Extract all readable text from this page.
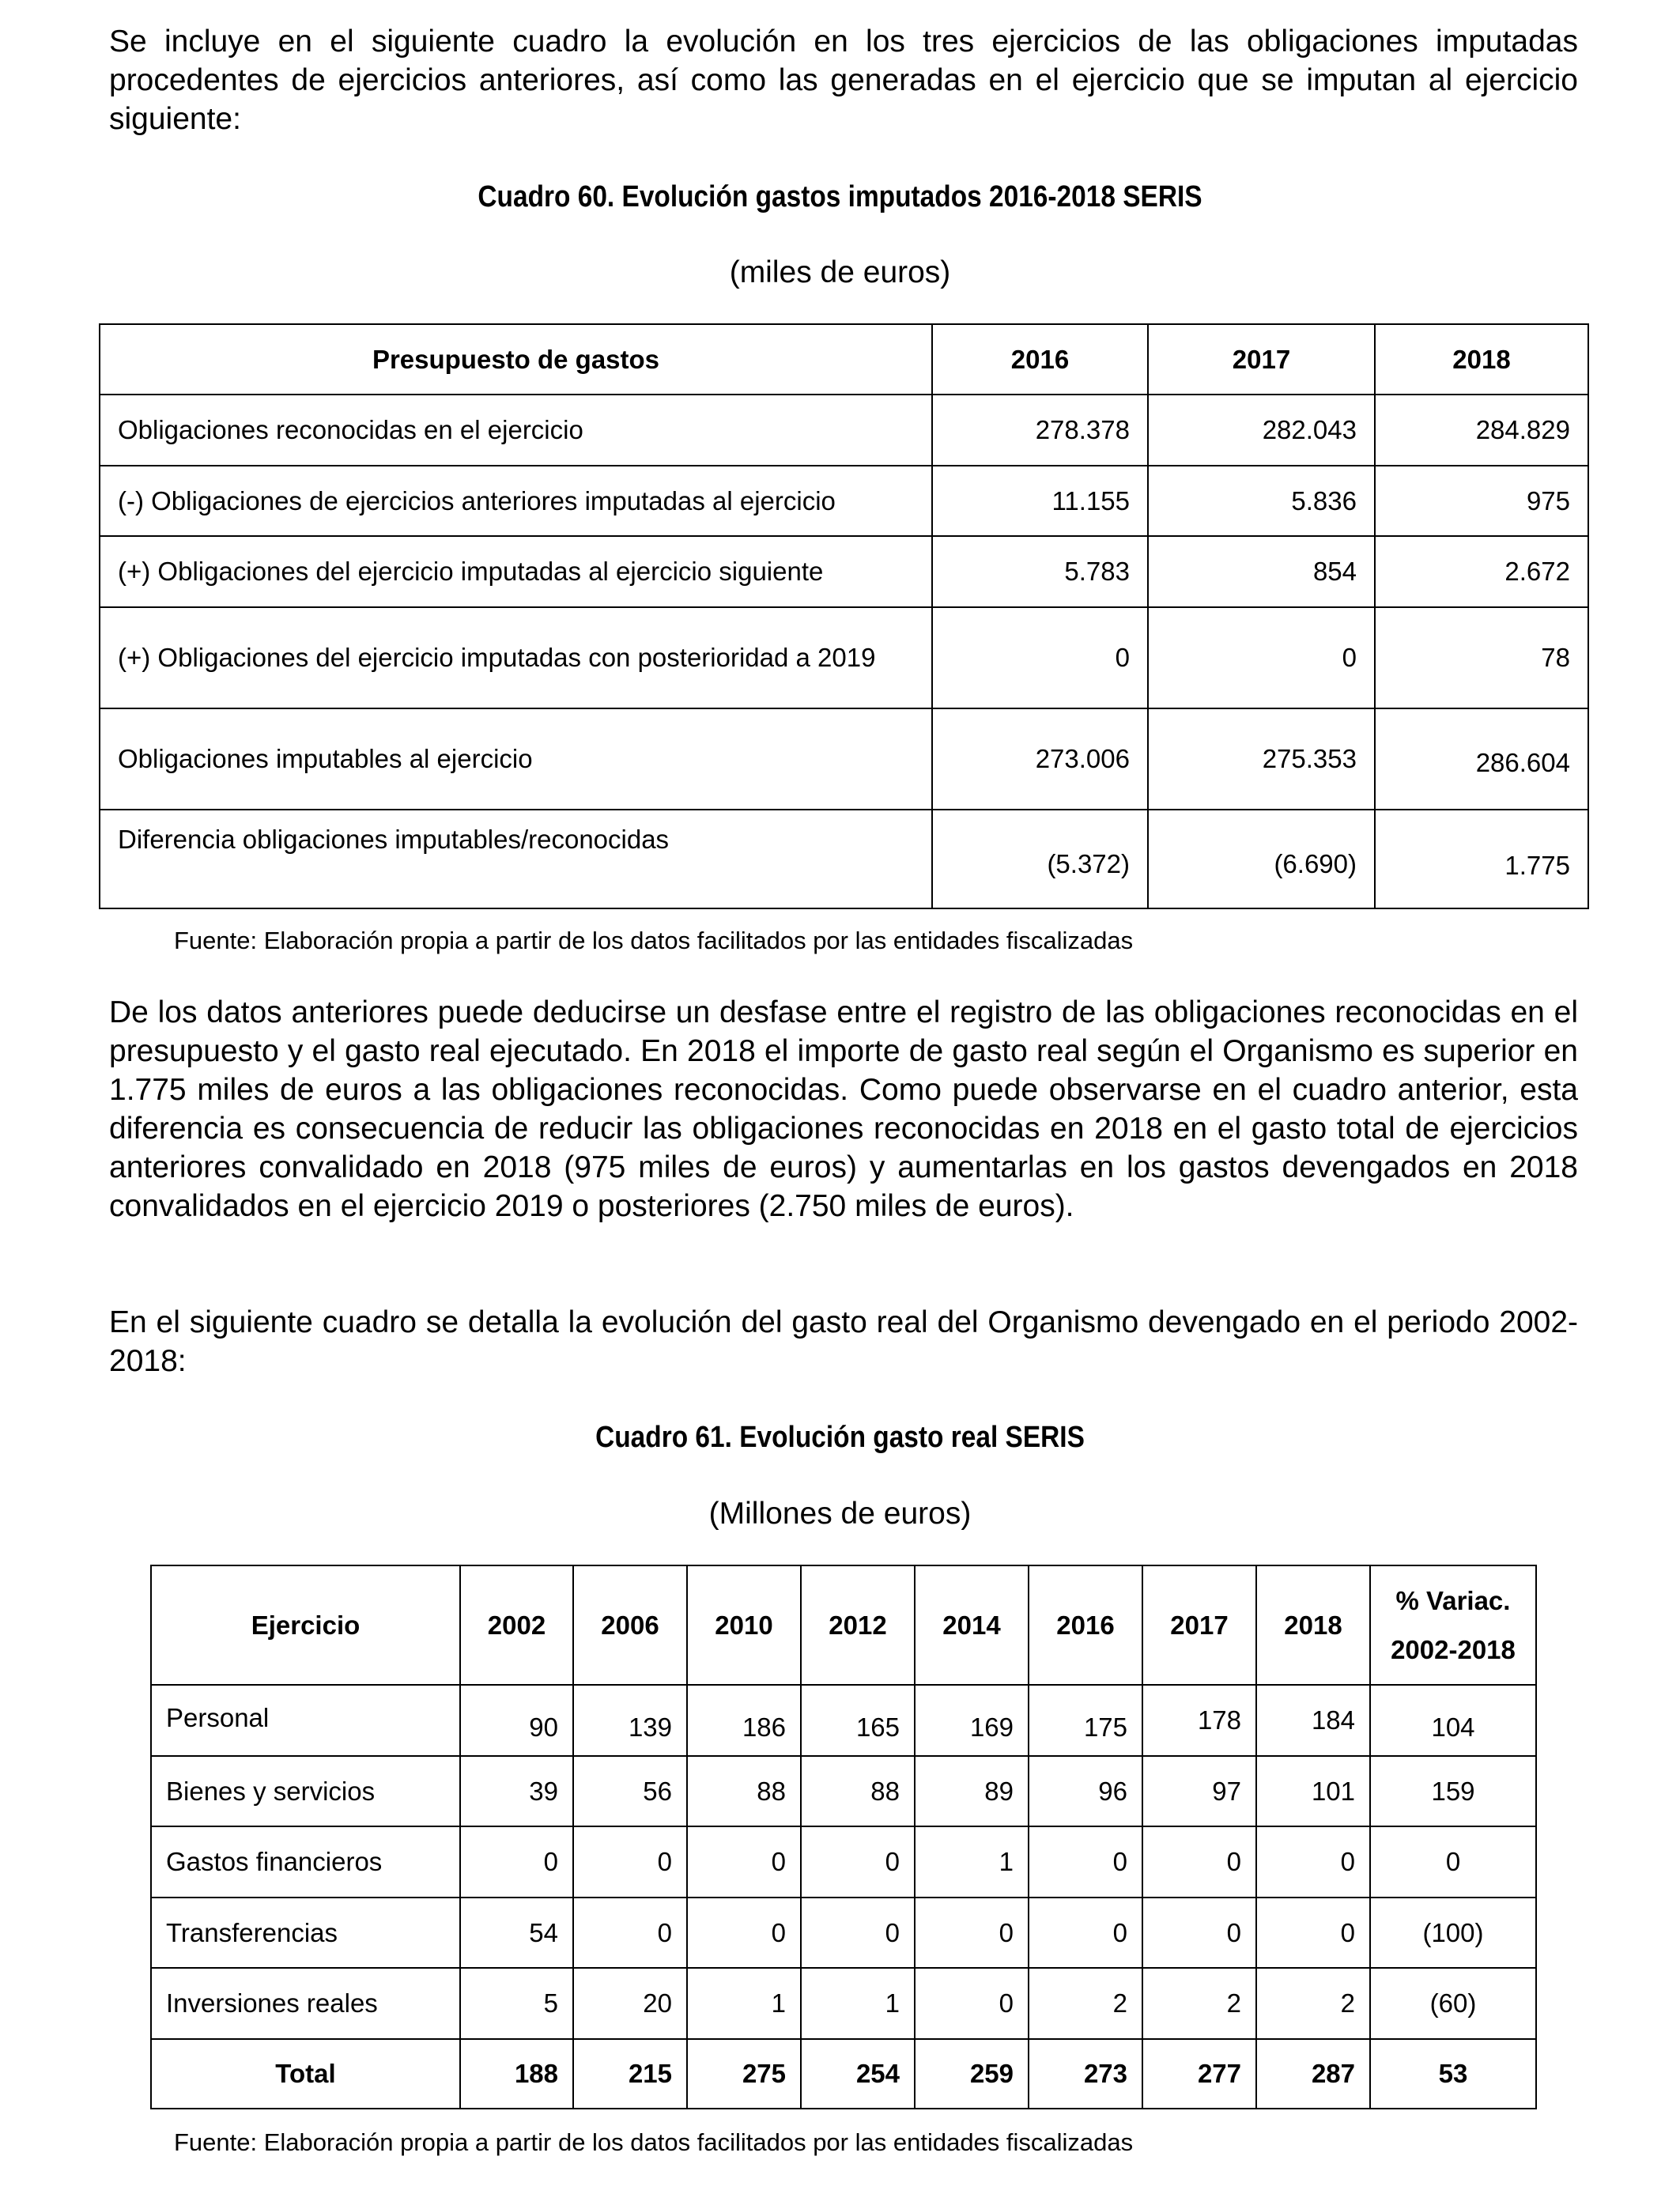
Se incluye en el siguiente cuadro la evolución en los tres ejercicios de las obligaciones imputadas procedentes de ejercicios anteriores, así como las generadas en el ejercicio que se imputan al ejercicio siguiente:

Cuadro 60. Evolución gastos imputados 2016-2018 SERIS

(miles de euros)

Presupuesto de gastos	2016	2017	2018
Obligaciones reconocidas en el ejercicio	278.378	282.043	284.829
(-) Obligaciones de ejercicios anteriores imputadas al ejercicio	11.155	5.836	975
(+) Obligaciones del ejercicio imputadas al ejercicio siguiente	5.783	854	2.672
(+) Obligaciones del ejercicio imputadas con posterioridad a 2019	0	0	78
Obligaciones imputables al ejercicio	273.006	275.353	286.604
Diferencia obligaciones imputables/reconocidas	(5.372)	(6.690)	1.775

Fuente: Elaboración propia a partir de los datos facilitados por las entidades fiscalizadas

De los datos anteriores puede deducirse un desfase entre el registro de las obligaciones reconocidas en el presupuesto y el gasto real ejecutado. En 2018 el importe de gasto real según el Organismo es superior en 1.775 miles de euros a las obligaciones reconocidas. Como puede observarse en el cuadro anterior, esta diferencia es consecuencia de reducir las obligaciones reconocidas en 2018 en el gasto total de ejercicios anteriores convalidado en 2018 (975 miles de euros) y aumentarlas en los gastos devengados en 2018 convalidados en el ejercicio 2019 o posteriores (2.750 miles de euros).

En el siguiente cuadro se detalla la evolución del gasto real del Organismo devengado en el periodo 2002-2018:

Cuadro 61. Evolución gasto real SERIS

(Millones de euros)

Ejercicio	2002	2006	2010	2012	2014	2016	2017	2018	% Variac.
2002-2018

Personal	90	139	186	165	169	175	178	184	104
Bienes y servicios	39	56	88	88	89	96	97	101	159
Gastos financieros	0	0	0	0	1	0	0	0	0
Transferencias	54	0	0	0	0	0	0	0	(100)
Inversiones reales	5	20	1	1	0	2	2	2	(60)
Total	188	215	275	254	259	273	277	287	53

Fuente: Elaboración propia a partir de los datos facilitados por las entidades fiscalizadas
